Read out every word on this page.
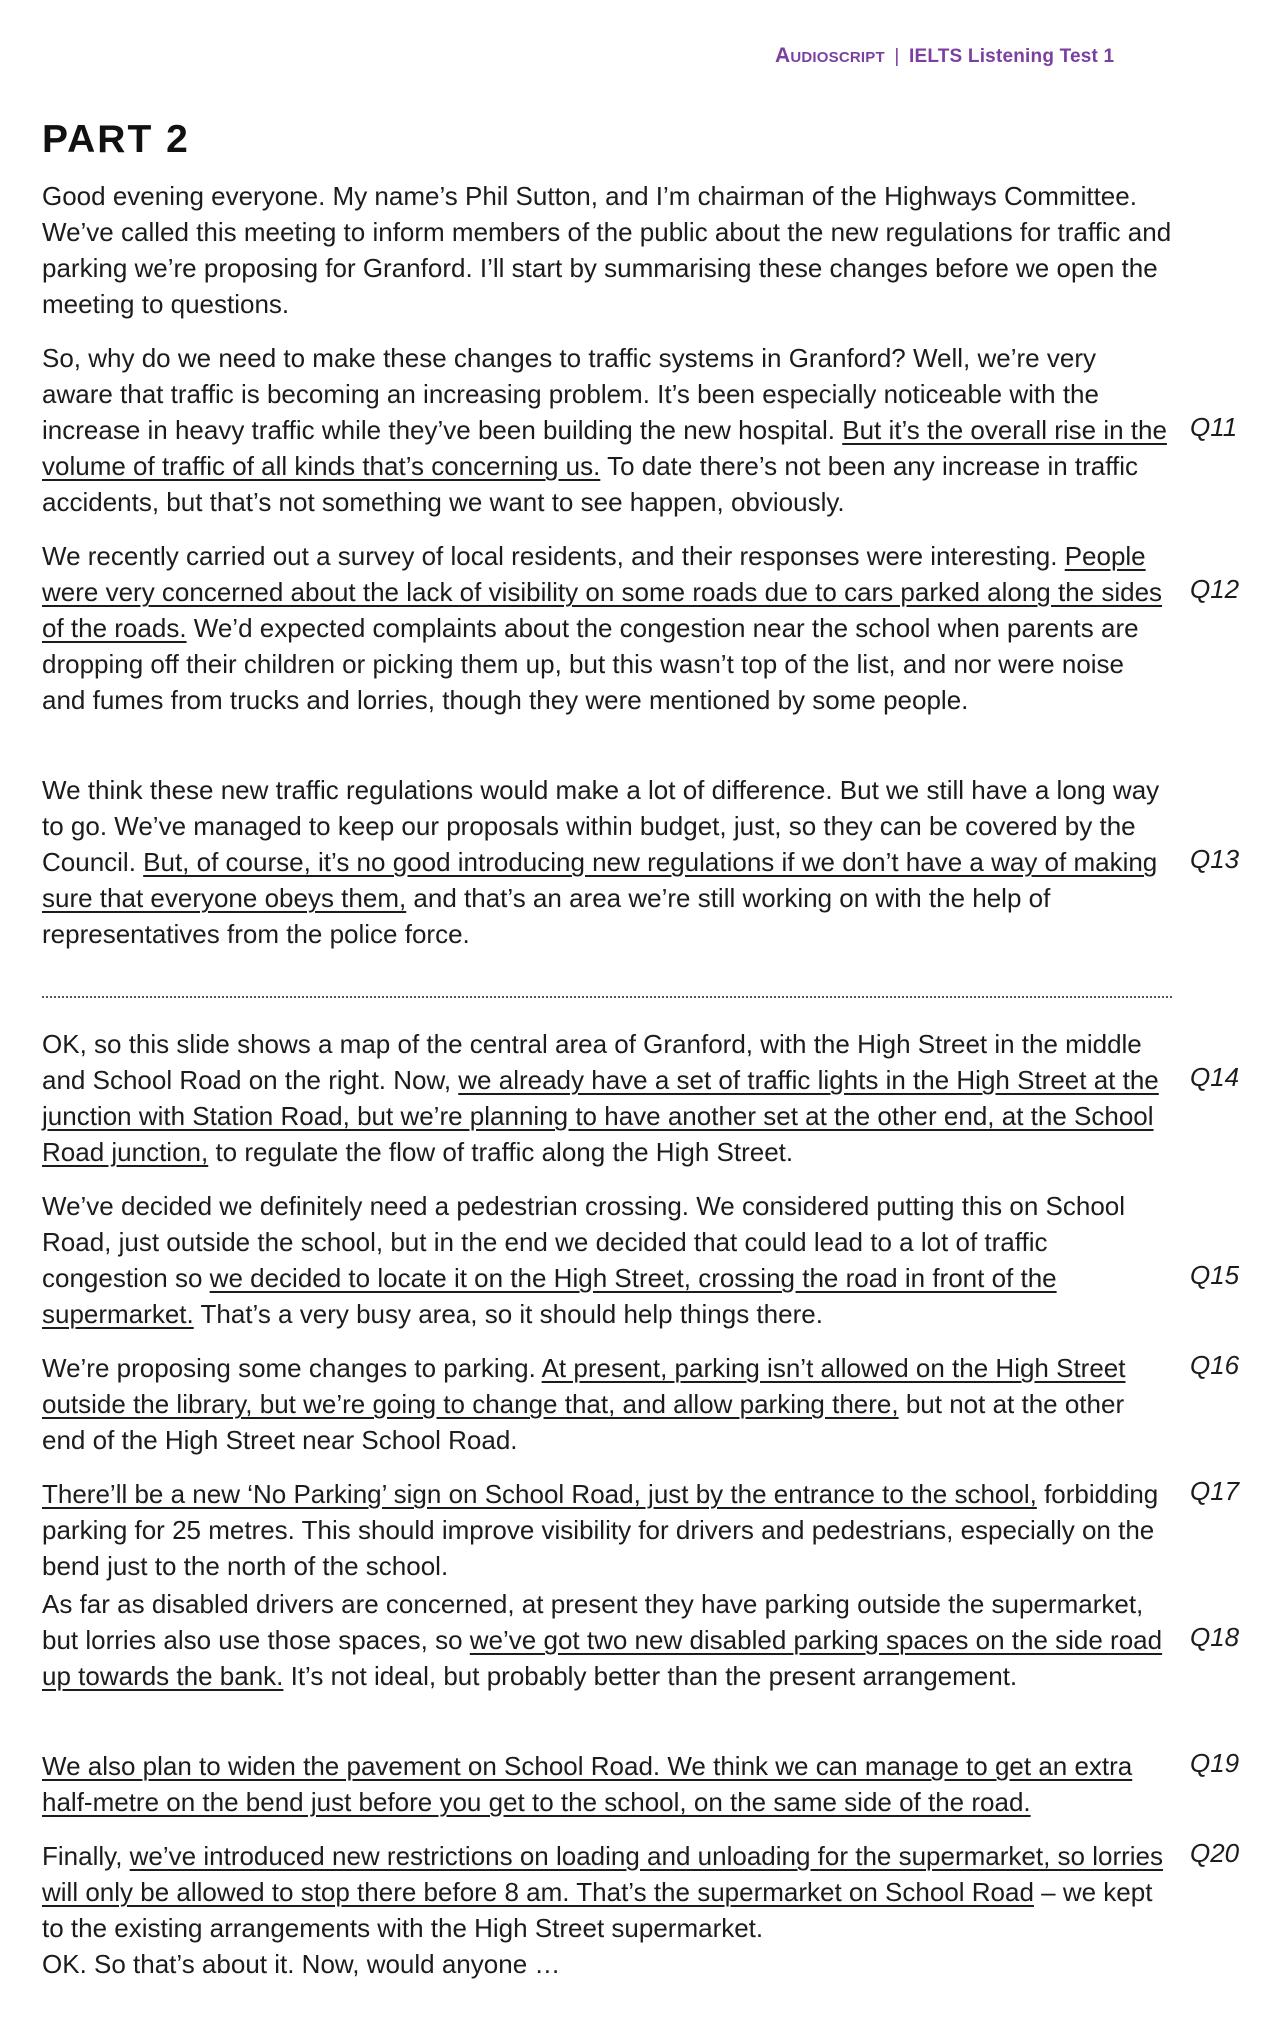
Audioscript | IELTS Listening Test 1
PART 2

Good evening everyone. My name’s Phil Sutton, and I’m chairman of the Highways Committee. We’ve called this meeting to inform members of the public about the new regulations for traffic and parking we’re proposing for Granford. I’ll start by summarising these changes before we open the meeting to questions.

So, why do we need to make these changes to traffic systems in Granford? Well, we’re very aware that traffic is becoming an increasing problem. It’s been especially noticeable with the increase in heavy traffic while they’ve been building the new hospital. But it’s the overall rise in the volume of traffic of all kinds that’s concerning us. To date there’s not been any increase in traffic accidents, but that’s not something we want to see happen, obviously.

Q11

We recently carried out a survey of local residents, and their responses were interesting. People were very concerned about the lack of visibility on some roads due to cars parked along the sides of the roads. We’d expected complaints about the congestion near the school when parents are dropping off their children or picking them up, but this wasn’t top of the list, and nor were noise and fumes from trucks and lorries, though they were mentioned by some people.

Q12

We think these new traffic regulations would make a lot of difference. But we still have a long way to go. We’ve managed to keep our proposals within budget, just, so they can be covered by the Council. But, of course, it’s no good introducing new regulations if we don’t have a way of making sure that everyone obeys them, and that’s an area we’re still working on with the help of representatives from the police force.

Q13

OK, so this slide shows a map of the central area of Granford, with the High Street in the middle and School Road on the right. Now, we already have a set of traffic lights in the High Street at the junction with Station Road, but we’re planning to have another set at the other end, at the School Road junction, to regulate the flow of traffic along the High Street.

Q14

We’ve decided we definitely need a pedestrian crossing. We considered putting this on School Road, just outside the school, but in the end we decided that could lead to a lot of traffic congestion so we decided to locate it on the High Street, crossing the road in front of the supermarket. That’s a very busy area, so it should help things there.

Q15

We’re proposing some changes to parking. At present, parking isn’t allowed on the High Street outside the library, but we’re going to change that, and allow parking there, but not at the other end of the High Street near School Road.

Q16

There’ll be a new ‘No Parking’ sign on School Road, just by the entrance to the school, forbidding parking for 25 metres. This should improve visibility for drivers and pedestrians, especially on the bend just to the north of the school.

Q17

As far as disabled drivers are concerned, at present they have parking outside the supermarket, but lorries also use those spaces, so we’ve got two new disabled parking spaces on the side road up towards the bank. It’s not ideal, but probably better than the present arrangement.

Q18

We also plan to widen the pavement on School Road. We think we can manage to get an extra half-metre on the bend just before you get to the school, on the same side of the road.

Q19

Finally, we’ve introduced new restrictions on loading and unloading for the supermarket, so lorries will only be allowed to stop there before 8 am. That’s the supermarket on School Road – we kept to the existing arrangements with the High Street supermarket.

Q20

OK. So that’s about it. Now, would anyone …
